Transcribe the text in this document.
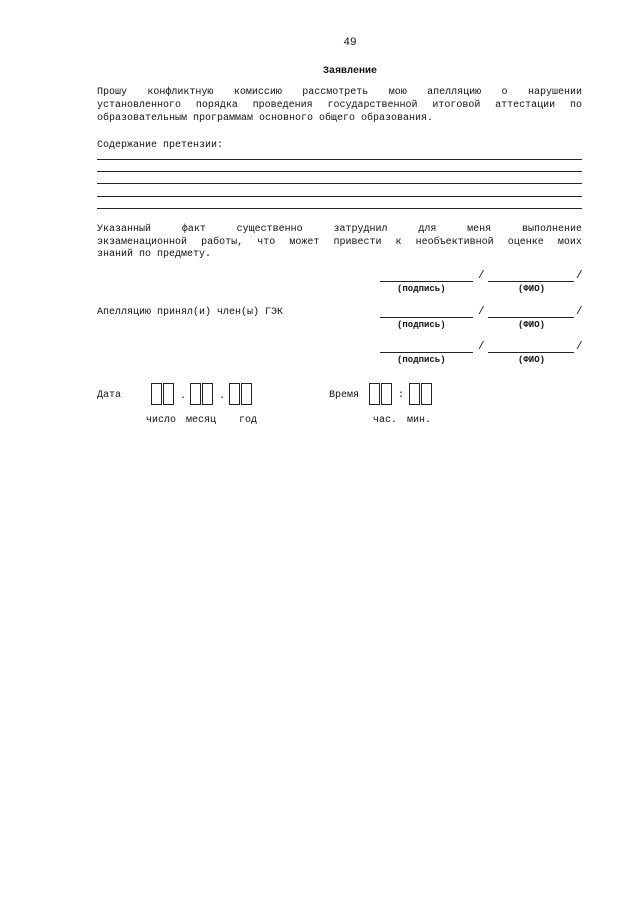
49
Заявление
Прошу конфликтную комиссию рассмотреть мою апелляцию о нарушении
установленного порядка проведения государственной итоговой аттестации по
образовательным программам основного общего образования.
Содержание претензии:
Указанный	факт	существенно	затруднил	для	меня	выполнение
экзаменационной работы, что может привести к необъективной оценке моих
знаний по предмету.
/	/
(подпись)	(ФИО)
Апелляцию принял(и) член(ы) ГЭК	/	/
(подпись)	(ФИО)
/	/
(подпись)	(ФИО)
Дата	.	.
число месяц год
Время	:
час. мин.
